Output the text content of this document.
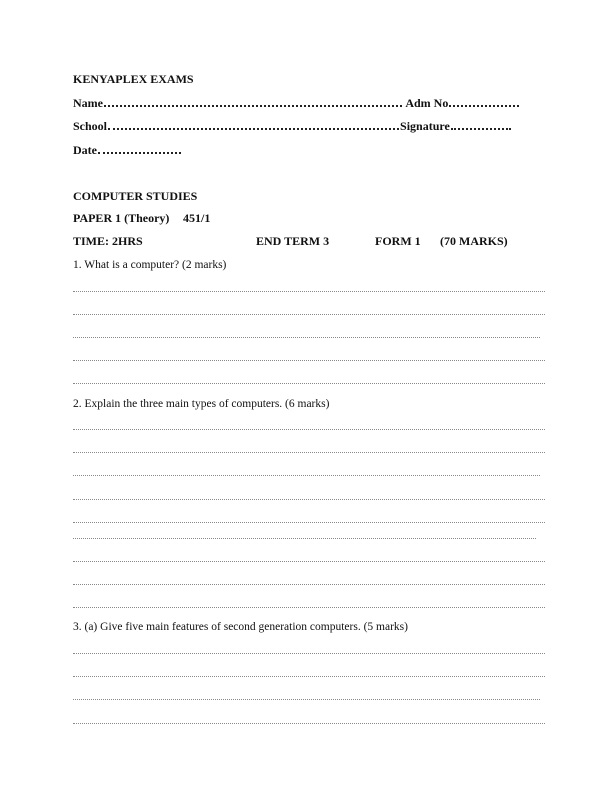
KENYAPLEX EXAMS
Name	Adm No
School	Signature
Date
COMPUTER STUDIES
PAPER 1 (Theory) 451/1
TIME: 2HRS	END TERM 3	FORM 1 (70 MARKS)
1. What is a computer? (2 marks)
2. Explain the three main types of computers. (6 marks)
3. (a) Give five main features of second generation computers. (5 marks)
